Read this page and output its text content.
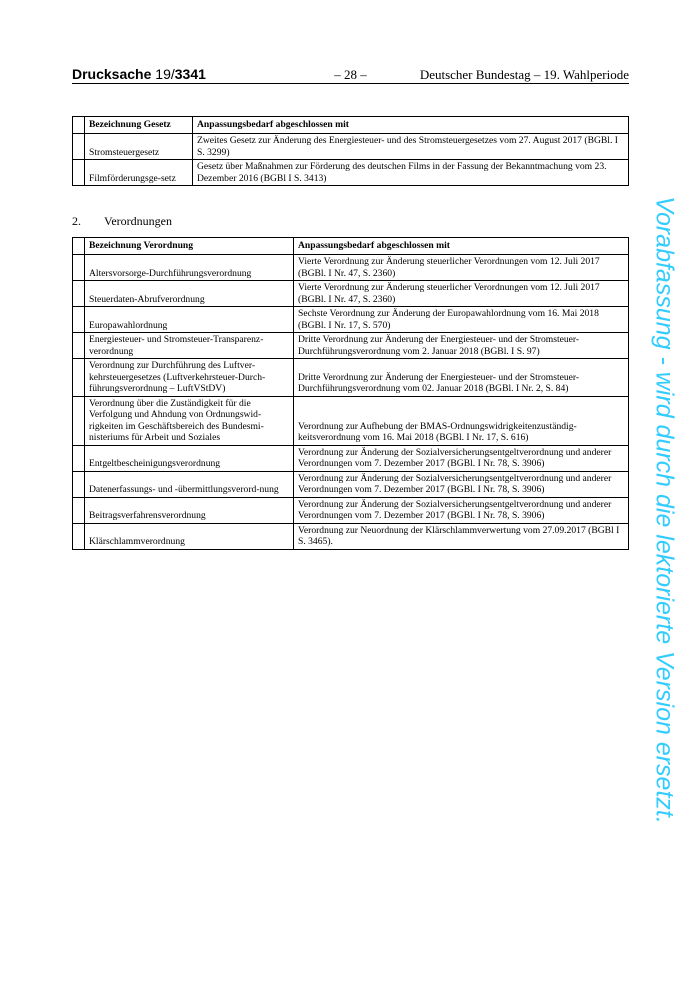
Drucksache 19/3341	– 28 –	Deutscher Bundestag – 19. Wahlperiode
	Bezeichnung Gesetz	Anpassungsbedarf abgeschlossen mit
	Stromsteuergesetz	Zweites Gesetz zur Änderung des Energiesteuer- und des Stromsteuergesetzes vom 27. August 2017 (BGBl. I S. 3299)
	Filmförderungsge-setz	Gesetz über Maßnahmen zur Förderung des deutschen Films in der Fassung der Bekanntmachung vom 23. Dezember 2016 (BGBl I S. 3413)
2. Verordnungen
	Bezeichnung Verordnung	Anpassungsbedarf abgeschlossen mit
	Altersvorsorge-Durchführungsverordnung	Vierte Verordnung zur Änderung steuerlicher Verordnungen vom 12. Juli 2017 (BGBl. I Nr. 47, S. 2360)
	Steuerdaten-Abrufverordnung	Vierte Verordnung zur Änderung steuerlicher Verordnungen vom 12. Juli 2017 (BGBl. I Nr. 47, S. 2360)
	Europawahlordnung	Sechste Verordnung zur Änderung der Europawahlordnung vom 16. Mai 2018 (BGBl. I Nr. 17, S. 570)
	Energiesteuer- und Stromsteuer-Transparenz-verordnung	Dritte Verordnung zur Änderung der Energiesteuer- und der Stromsteuer-Durchführungsverordnung vom 2. Januar 2018 (BGBl. I S. 97)
	Verordnung zur Durchführung des Luftver-kehrsteuergesetzes (Luftverkehrsteuer-Durch-führungsverordnung – LuftVStDV)	Dritte Verordnung zur Änderung der Energiesteuer- und der Stromsteuer-Durchführungsverordnung vom 02. Januar 2018 (BGBl. I Nr. 2, S. 84)
	Verordnung über die Zuständigkeit für die Verfolgung und Ahndung von Ordnungswid-rigkeiten im Geschäftsbereich des Bundesmi-nisteriums für Arbeit und Soziales	Verordnung zur Aufhebung der BMAS-Ordnungswidrigkeitenzuständig-keitsverordnung vom 16. Mai 2018 (BGBl. I Nr. 17, S. 616)
	Entgeltbescheinigungsverordnung	Verordnung zur Änderung der Sozialversicherungsentgeltverordnung und anderer Verordnungen vom 7. Dezember 2017 (BGBl. I Nr. 78, S. 3906)
	Datenerfassungs- und -übermittlungsverord-nung	Verordnung zur Änderung der Sozialversicherungsentgeltverordnung und anderer Verordnungen vom 7. Dezember 2017 (BGBl. I Nr. 78, S. 3906)
	Beitragsverfahrensverordnung	Verordnung zur Änderung der Sozialversicherungsentgeltverordnung und anderer Verordnungen vom 7. Dezember 2017 (BGBl. I Nr. 78, S. 3906)
	Klärschlammverordnung	Verordnung zur Neuordnung der Klärschlammverwertung vom 27.09.2017 (BGBl I S. 3465).	Vorabfassung - wird durch die lektorierte Version ersetzt.
